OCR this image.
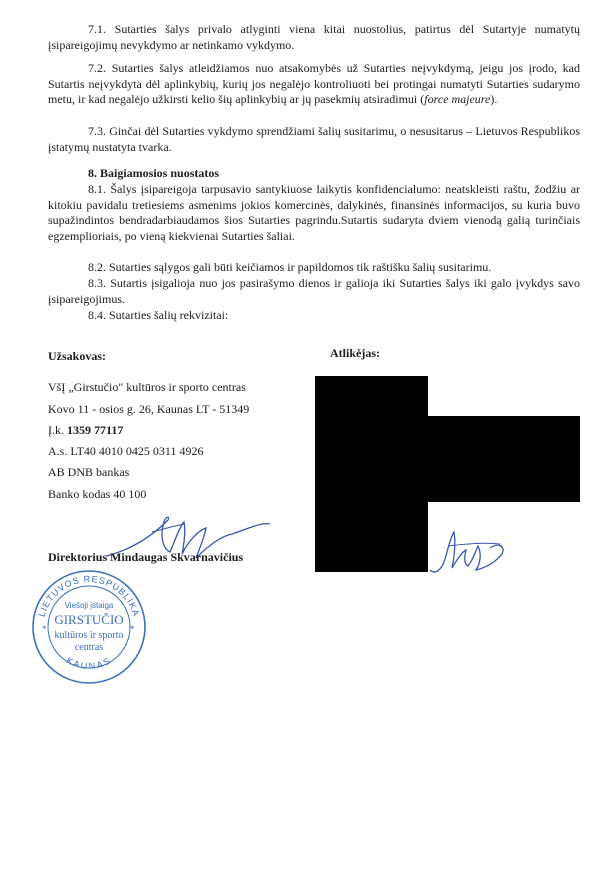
7.1. Sutarties šalys privalo atlyginti viena kitai nuostolius, patirtus dėl Sutartyje numatytų įsipareigojimų nevykdymo ar netinkamo vykdymo.

7.2. Sutarties šalys atleidžiamos nuo atsakomybės už Sutarties neįvykdymą, jeigu jos įrodo, kad Sutartis neįvykdyta dėl aplinkybių, kurių jos negalėjo kontroliuoti bei protingai numatyti Sutarties sudarymo metu, ir kad negalėjo užkirsti kelio šių aplinkybių ar jų pasekmių atsiradimui (force majeure).

7.3. Ginčai dėl Sutarties vykdymo sprendžiami šalių susitarimu, o nesusitarus – Lietuvos Respublikos įstatymų nustatyta tvarka.

8. Baigiamosios nuostatos

8.1. Šalys įsipareigoja tarpusavio santykiuose laikytis konfidencialumo: neatskleisti raštu, žodžiu ar kitokiu pavidalu tretiesiems asmenims jokios komercinės, dalykinės, finansinės informacijos, su kuria buvo supažindintos bendradarbiaudamos šios Sutarties pagrindu.Sutartis sudaryta dviem vienodą galią turinčiais egzemplioriais, po vieną kiekvienai Sutarties šaliai.

8.2. Sutarties sąlygos gali būti keičiamos ir papildomos tik raštišku šalių susitarimu.

8.3. Sutartis įsigalioja nuo jos pasirašymo dienos ir galioja iki Sutarties šalys iki galo įvykdys savo įsipareigojimus.

8.4. Sutarties šalių rekvizitai:

Užsakovas:	Atlikėjas:

VšĮ „Girstučio" kultūros ir sporto centras

Kovo 11 - osios g. 26, Kaunas LT - 51349

Į.k. 1359 77117

A.s. LT40 4010 0425 0311 4926

AB DNB bankas

Banko kodas 40 100

Direktorius Mindaugas Skvarnavičius

LIETUVOS RESPUBLIKA
KAUNAS
Viešoji įstaiga
GIRSTUČIO
kultūros ir sporto
centras
*	*
